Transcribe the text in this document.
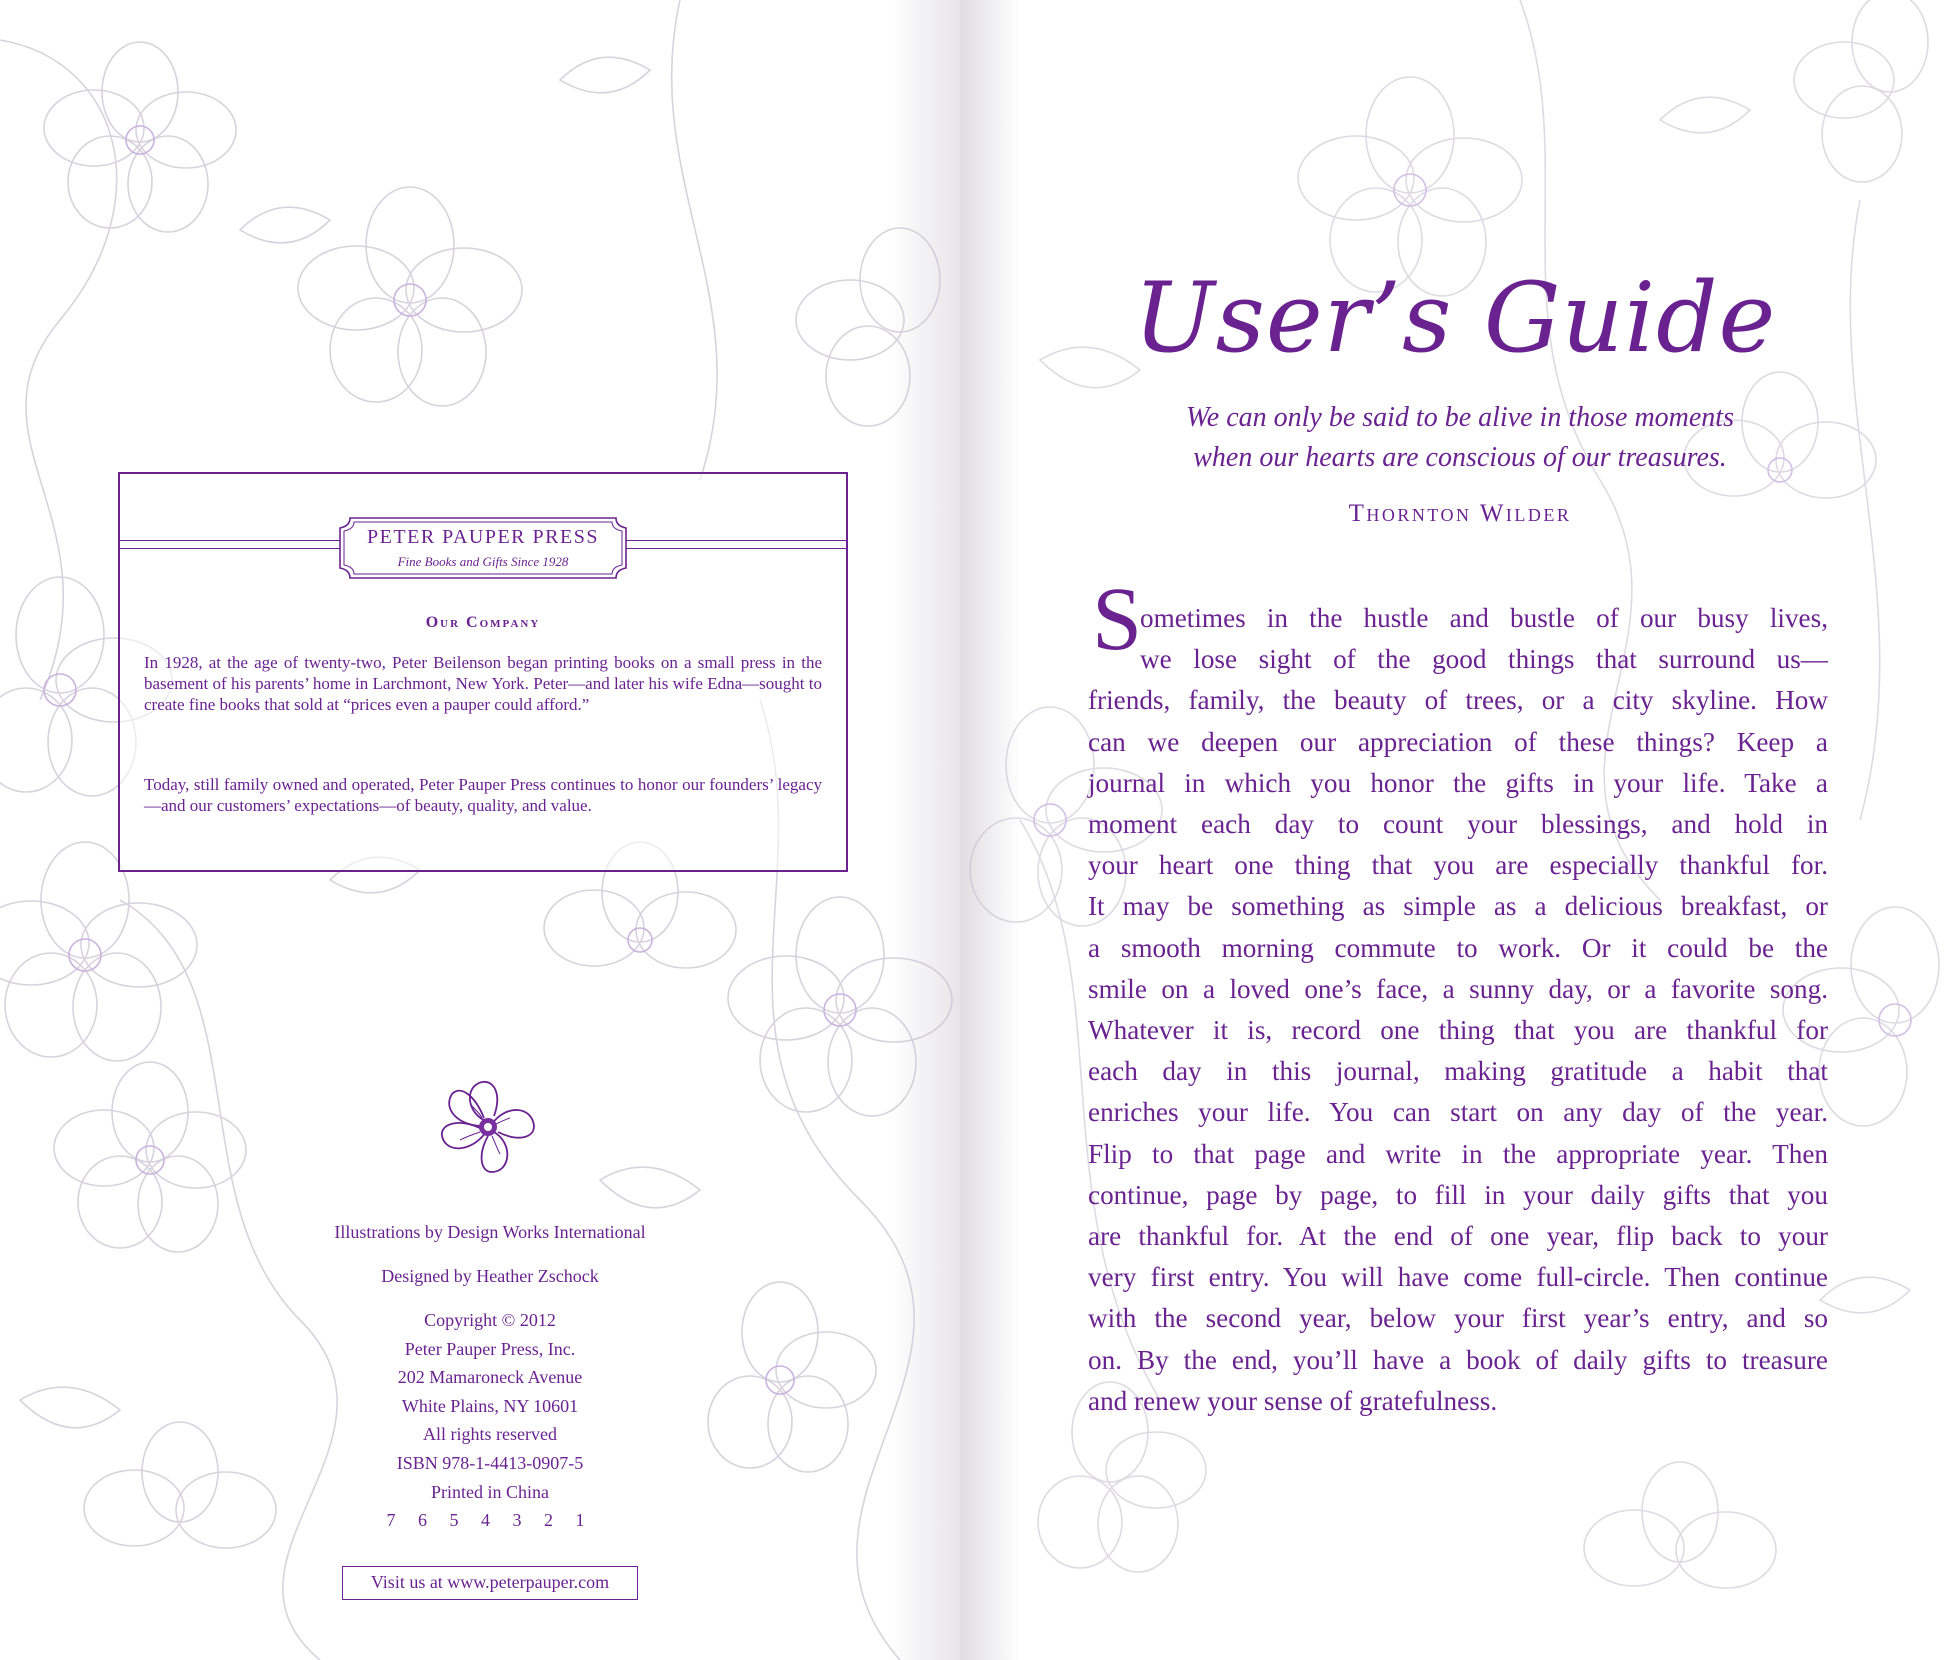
PETER PAUPER PRESS
Fine Books and Gifts Since 1928
Our Company
In 1928, at the age of twenty-two, Peter Beilenson began printing books on a small press in the basement of his parents’ home in Larchmont, New York. Peter—and later his wife Edna—sought to create fine books that sold at “prices even a pauper could afford.”
Today, still family owned and operated, Peter Pauper Press continues to honor our founders’ legacy—and our customers’ expectations—of beauty, quality, and value.
Illustrations by Design Works International
Designed by Heather Zschock
Copyright © 2012
Peter Pauper Press, Inc.
202 Mamaroneck Avenue
White Plains, NY 10601
All rights reserved
ISBN 978-1-4413-0907-5
Printed in China
7 6 5 4 3 2 1
Visit us at www.peterpauper.com
User’s Guide
We can only be said to be alive in those moments
when our hearts are conscious of our treasures.
Thornton Wilder
S
ometimes in the hustle and bustle of our busy lives,
we lose sight of the good things that surround us—
friends, family, the beauty of trees, or a city skyline. How
can we deepen our appreciation of these things? Keep a
journal in which you honor the gifts in your life. Take a
moment each day to count your blessings, and hold in
your heart one thing that you are especially thankful for.
It may be something as simple as a delicious breakfast, or
a smooth morning commute to work. Or it could be the
smile on a loved one’s face, a sunny day, or a favorite song.
Whatever it is, record one thing that you are thankful for
each day in this journal, making gratitude a habit that
enriches your life. You can start on any day of the year.
Flip to that page and write in the appropriate year. Then
continue, page by page, to fill in your daily gifts that you
are thankful for. At the end of one year, flip back to your
very first entry. You will have come full-circle. Then continue
with the second year, below your first year’s entry, and so
on. By the end, you’ll have a book of daily gifts to treasure
and renew your sense of gratefulness.
